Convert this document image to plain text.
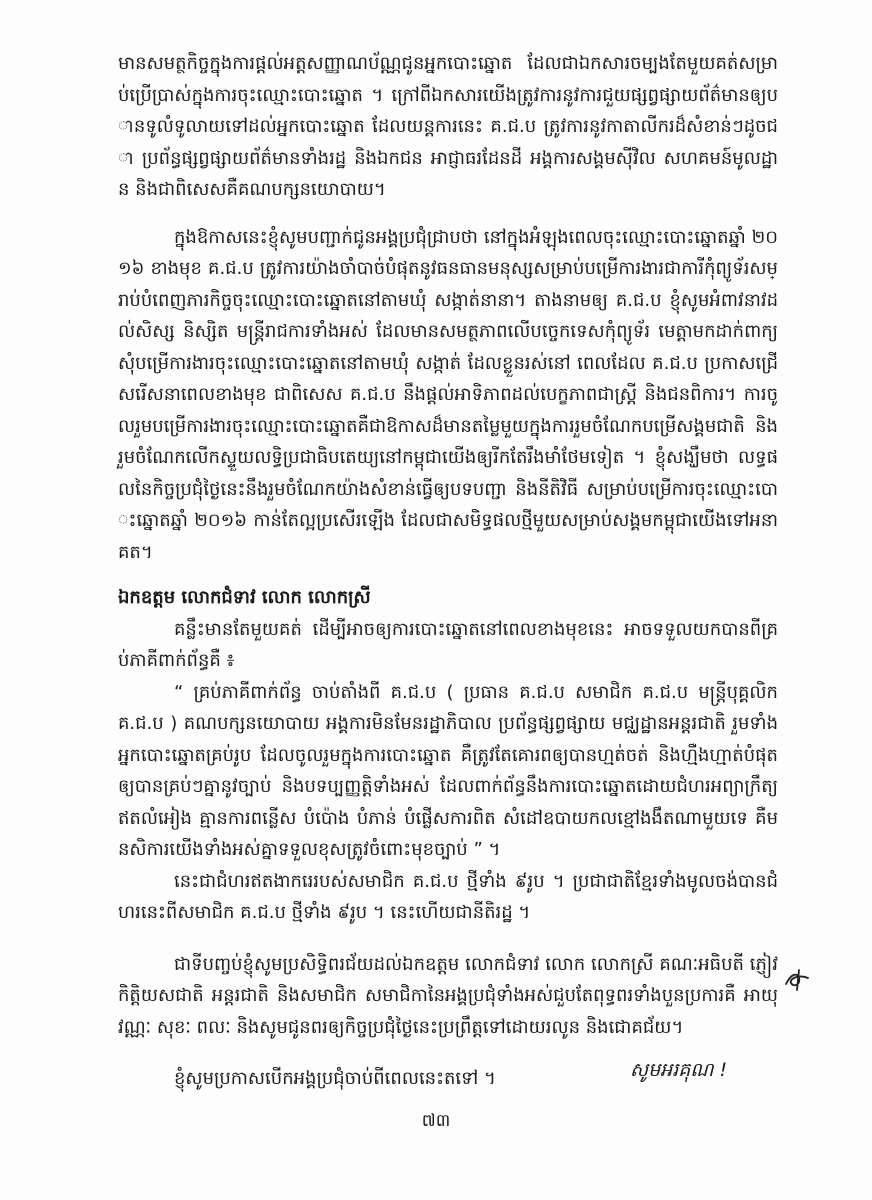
មានសមត្ថកិច្ចក្នុងការផ្ដល់អត្តសញ្ញាណប័ណ្ណជូនអ្នកបោះឆ្នោត ដែលជាឯកសារចម្បងតែមួយគត់សម្រាប់ប្រើប្រាស់ក្នុងការចុះឈ្មោះបោះឆ្នោត ។ ក្រៅពីឯកសារយើងត្រូវការនូវការជួយផ្សព្វផ្សាយព័ត៌មានឲ្យបានទូលំទូលាយទៅដល់អ្នកបោះឆ្នោត ដែលយន្តការនេះ គ.ជ.ប ត្រូវការនូវកាតាលីករដ៏សំខាន់ៗដូចជា ប្រព័ន្ធផ្សព្វផ្សាយព័ត៌មានទាំងរដ្ឋ និងឯកជន អាជ្ញាធរដែនដី អង្គការសង្គមស៊ីវិល សហគមន៍មូលដ្ឋាន និងជាពិសេសគឺគណបក្សនយោបាយ។

ក្នុងឱកាសនេះខ្ញុំសូមបញ្ជាក់ជូនអង្គប្រជុំជ្រាបថា នៅក្នុងអំឡុងពេលចុះឈ្មោះបោះឆ្នោតឆ្នាំ ២០១៦ ខាងមុខ គ.ជ.ប ត្រូវការយ៉ាងចាំបាច់បំផុតនូវធនធានមនុស្សសម្រាប់បម្រើការងារជាការីកុំព្យូទ័រសម្រាប់បំពេញភារកិច្ចចុះឈ្មោះបោះឆ្នោតនៅតាមឃុំ សង្កាត់នានា។ តាងនាមឲ្យ គ.ជ.ប ខ្ញុំសូមអំពាវនាវដល់សិស្ស និស្សិត មន្ត្រីរាជការទាំងអស់ ដែលមានសមត្ថភាពលើបច្ចេកទេសកុំព្យូទ័រ មេត្តាមកដាក់ពាក្យសុំបម្រើការងារចុះឈ្មោះបោះឆ្នោតនៅតាមឃុំ សង្កាត់ ដែលខ្លួនរស់នៅ ពេលដែល គ.ជ.ប ប្រកាសជ្រើសរើសនាពេលខាងមុខ ជាពិសេស គ.ជ.ប នឹងផ្ដល់អាទិភាពដល់បេក្ខភាពជាស្ត្រី និងជនពិការ។ ការចូលរួមបម្រើការងារចុះឈ្មោះបោះឆ្នោតគឺជាឱកាសដ៏មានតម្លៃមួយក្នុងការរួមចំណែកបម្រើសង្គមជាតិ និងរួមចំណែកលើកស្ទួយលទ្ធិប្រជាធិបតេយ្យនៅកម្ពុជាយើងឲ្យរីកតែរឹងមាំថែមទៀត ។ ខ្ញុំសង្ឃឹមថា លទ្ធផលនៃកិច្ចប្រជុំថ្ងៃនេះនឹងរួមចំណែកយ៉ាងសំខាន់ធ្វើឲ្យបទបញ្ជា និងនីតិវិធី សម្រាប់បម្រើការចុះឈ្មោះបោះឆ្នោតឆ្នាំ ២០១៦ កាន់តែល្អប្រសើរឡើង ដែលជាសមិទ្ធផលថ្មីមួយសម្រាប់សង្គមកម្ពុជាយើងទៅអនាគត។

ឯកឧត្តម លោកជំទាវ លោក លោកស្រី

គន្លឹះមានតែមួយគត់ ដើម្បីអាចឲ្យការបោះឆ្នោតនៅពេលខាងមុខនេះ អាចទទួលយកបានពីគ្រប់ភាគីពាក់ព័ន្ធគឺ ៖

“ គ្រប់ភាគីពាក់ព័ន្ធ ចាប់តាំងពី គ.ជ.ប ( ប្រធាន គ.ជ.ប សមាជិក គ.ជ.ប មន្ត្រីបុគ្គលិក គ.ជ.ប ) គណបក្សនយោបាយ អង្គការមិនមែនរដ្ឋាភិបាល ប្រព័ន្ធផ្សព្វផ្សាយ មជ្ឈដ្ឋានអន្តរជាតិ រួមទាំងអ្នកបោះឆ្នោតគ្រប់រូប ដែលចូលរួមក្នុងការបោះឆ្នោត គឺត្រូវតែគោរពឲ្យបានហ្មត់ចត់ និងហ្មឺងហ្មាត់បំផុត ឲ្យបានគ្រប់ៗគ្នានូវច្បាប់ និងបទប្បញ្ញត្តិទាំងអស់ ដែលពាក់ព័ន្ធនឹងការបោះឆ្នោតដោយជំហរអព្យាក្រឹត្យ ឥតលំអៀង គ្មានការពន្លើស បំប៉ោង បំភាន់ បំផ្លើសការពិត សំដៅឧបាយកលខ្មៅងងឹតណាមួយទេ គឺមនសិការយើងទាំងអស់គ្នាទទួលខុសត្រូវចំពោះមុខច្បាប់ ” ។

នេះជាជំហរឥតងាករេរបស់សមាជិក គ.ជ.ប ថ្មីទាំង ៩រូប ។ ប្រជាជាតិខ្មែរទាំងមូលចង់បានជំហរនេះពីសមាជិក គ.ជ.ប ថ្មីទាំង ៩រូប ។ នេះហើយជានីតិរដ្ឋ ។

ជាទីបញ្ចប់ខ្ញុំសូមប្រសិទ្ធិពរជ័យដល់ឯកឧត្តម លោកជំទាវ លោក លោកស្រី គណៈអធិបតី ភ្ញៀវកិត្តិយសជាតិ អន្តរជាតិ និងសមាជិក សមាជិកានៃអង្គប្រជុំទាំងអស់ជួបតែពុទ្ធពរទាំងបួនប្រការគឺ អាយុ វណ្ណៈ សុខៈ ពលៈ និងសូមជូនពរឲ្យកិច្ចប្រជុំថ្ងៃនេះប្រព្រឹត្តទៅដោយរលូន និងជោគជ័យ។

ខ្ញុំសូមប្រកាសបើកអង្គប្រជុំចាប់ពីពេលនេះតទៅ ។	សូមអរគុណ !
៧៣
